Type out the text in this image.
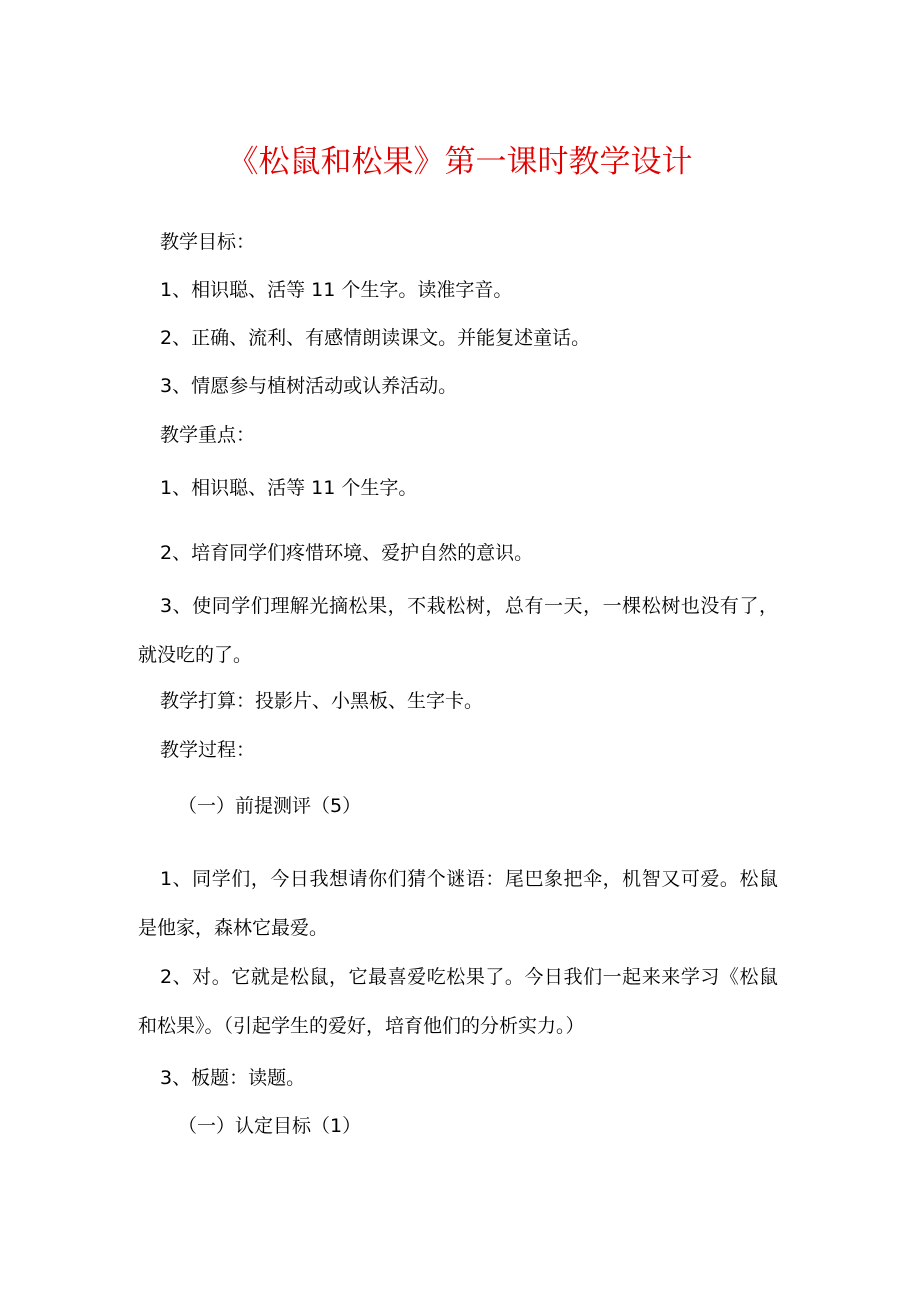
《松鼠和松果》第一课时教学设计
教学目标：
1、相识聪、活等 11 个生字。读准字音。
2、正确、流利、有感情朗读课文。并能复述童话。
3、情愿参与植树活动或认养活动。
教学重点：
1、相识聪、活等 11 个生字。
2、培育同学们疼惜环境、爱护自然的意识。
3、使同学们理解光摘松果，不栽松树，总有一天，一棵松树也没有了，就没吃的了。
教学打算：投影片、小黑板、生字卡。
教学过程：
（一）前提测评（5）
1、同学们，今日我想请你们猜个谜语：尾巴象把伞，机智又可爱。松鼠是他家，森林它最爱。
2、对。它就是松鼠，它最喜爱吃松果了。今日我们一起来来学习《松鼠和松果》。（引起学生的爱好，培育他们的分析实力。）
3、板题：读题。
（一）认定目标（1）
